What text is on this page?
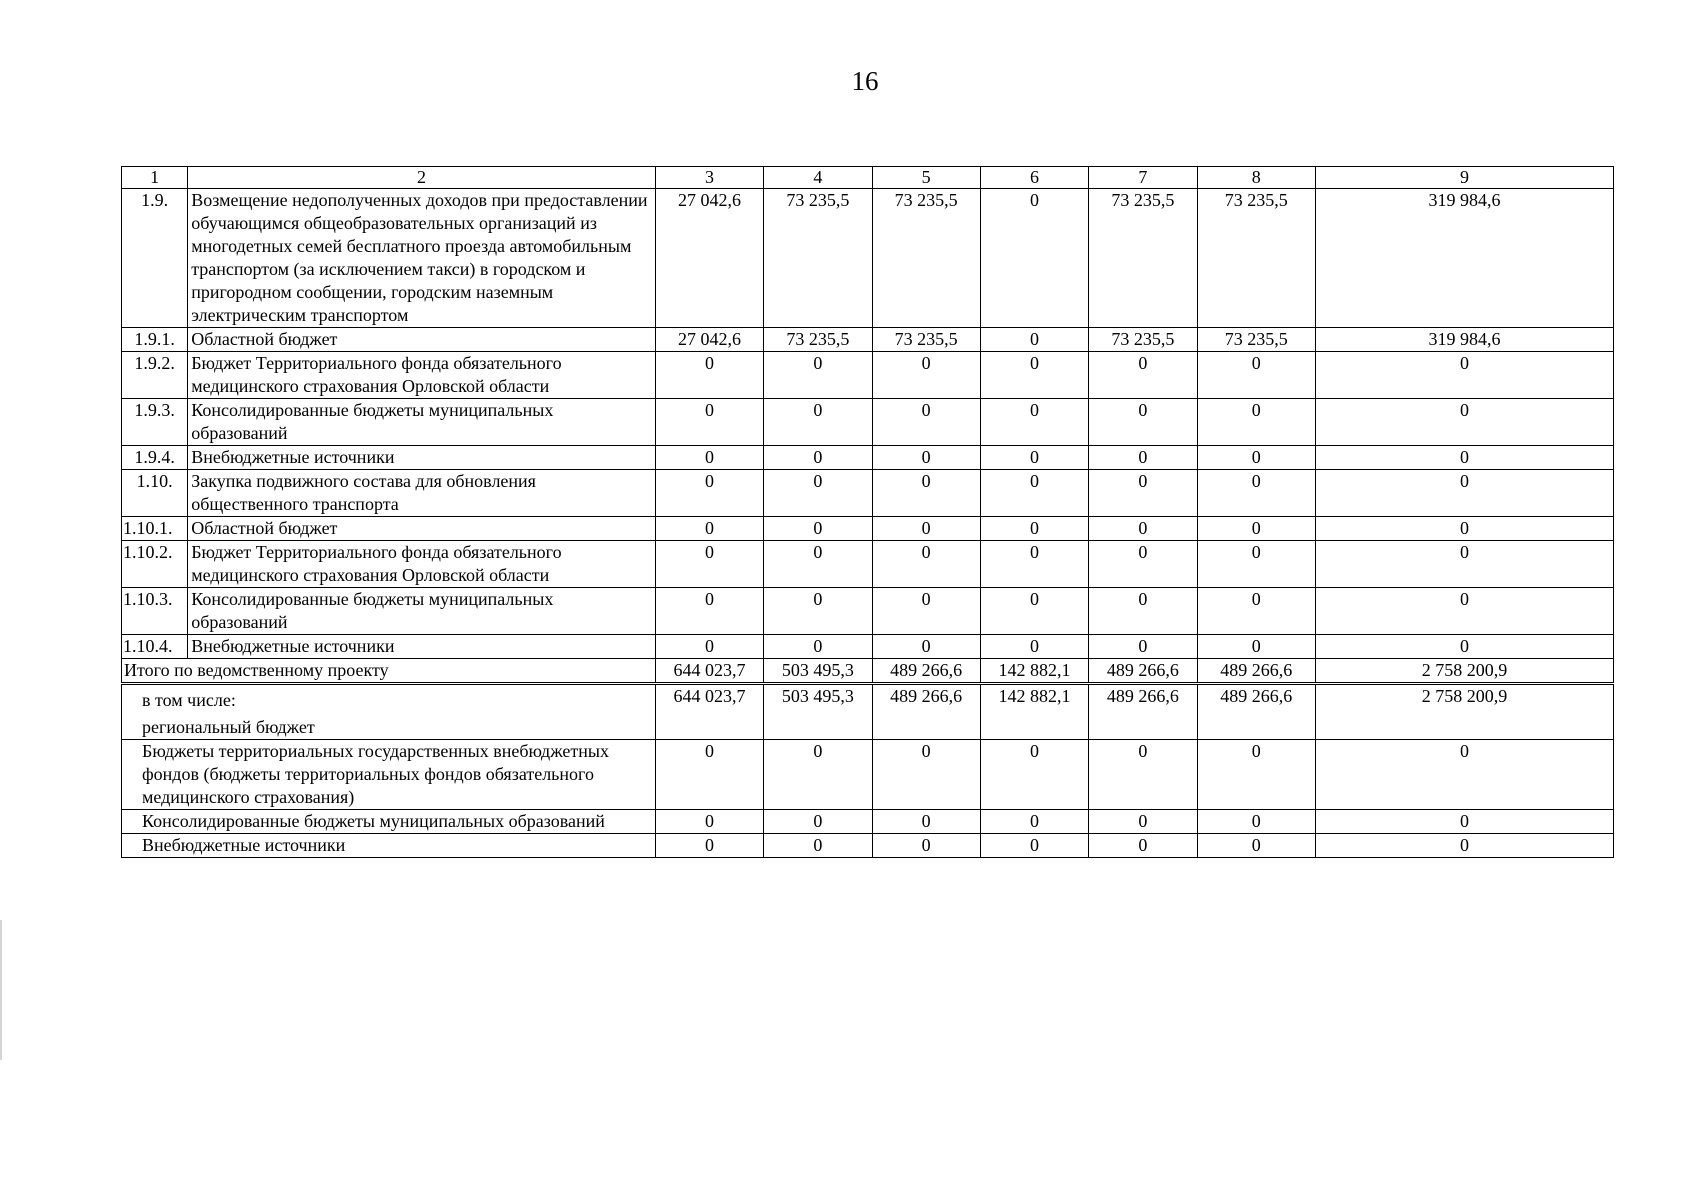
16
1	2	3	4	5	6	7	8	9
1.9.	Возмещение недополученных доходов при предоставлении обучающимся общеобразовательных организаций из многодетных семей бесплатного проезда автомобильным транспортом (за исключением такси) в городском и пригородном сообщении, городским наземным электрическим транспортом	27 042,6	73 235,5	73 235,5	0	73 235,5	73 235,5	319 984,6
1.9.1.	Областной бюджет	27 042,6	73 235,5	73 235,5	0	73 235,5	73 235,5	319 984,6
1.9.2.	Бюджет Территориального фонда обязательного медицинского страхования Орловской области	0	0	0	0	0	0	0
1.9.3.	Консолидированные бюджеты муниципальных образований	0	0	0	0	0	0	0
1.9.4.	Внебюджетные источники	0	0	0	0	0	0	0
1.10.	Закупка подвижного состава для обновления общественного транспорта	0	0	0	0	0	0	0
1.10.1.	Областной бюджет	0	0	0	0	0	0	0
1.10.2.	Бюджет Территориального фонда обязательного медицинского страхования Орловской области	0	0	0	0	0	0	0
1.10.3.	Консолидированные бюджеты муниципальных образований	0	0	0	0	0	0	0
1.10.4.	Внебюджетные источники	0	0	0	0	0	0	0
Итого по ведомственному проекту		644 023,7	503 495,3	489 266,6	142 882,1	489 266,6	489 266,6	2 758 200,9

в том числе:
региональный бюджет		644 023,7	503 495,3	489 266,6	142 882,1	489 266,6	489 266,6	2 758 200,9
Бюджеты территориальных государственных внебюджетных фондов (бюджеты территориальных фондов обязательного медицинского страхования)		0	0	0	0	0	0	0
Консолидированные бюджеты муниципальных образований		0	0	0	0	0	0	0
Внебюджетные источники		0	0	0	0	0	0	0
